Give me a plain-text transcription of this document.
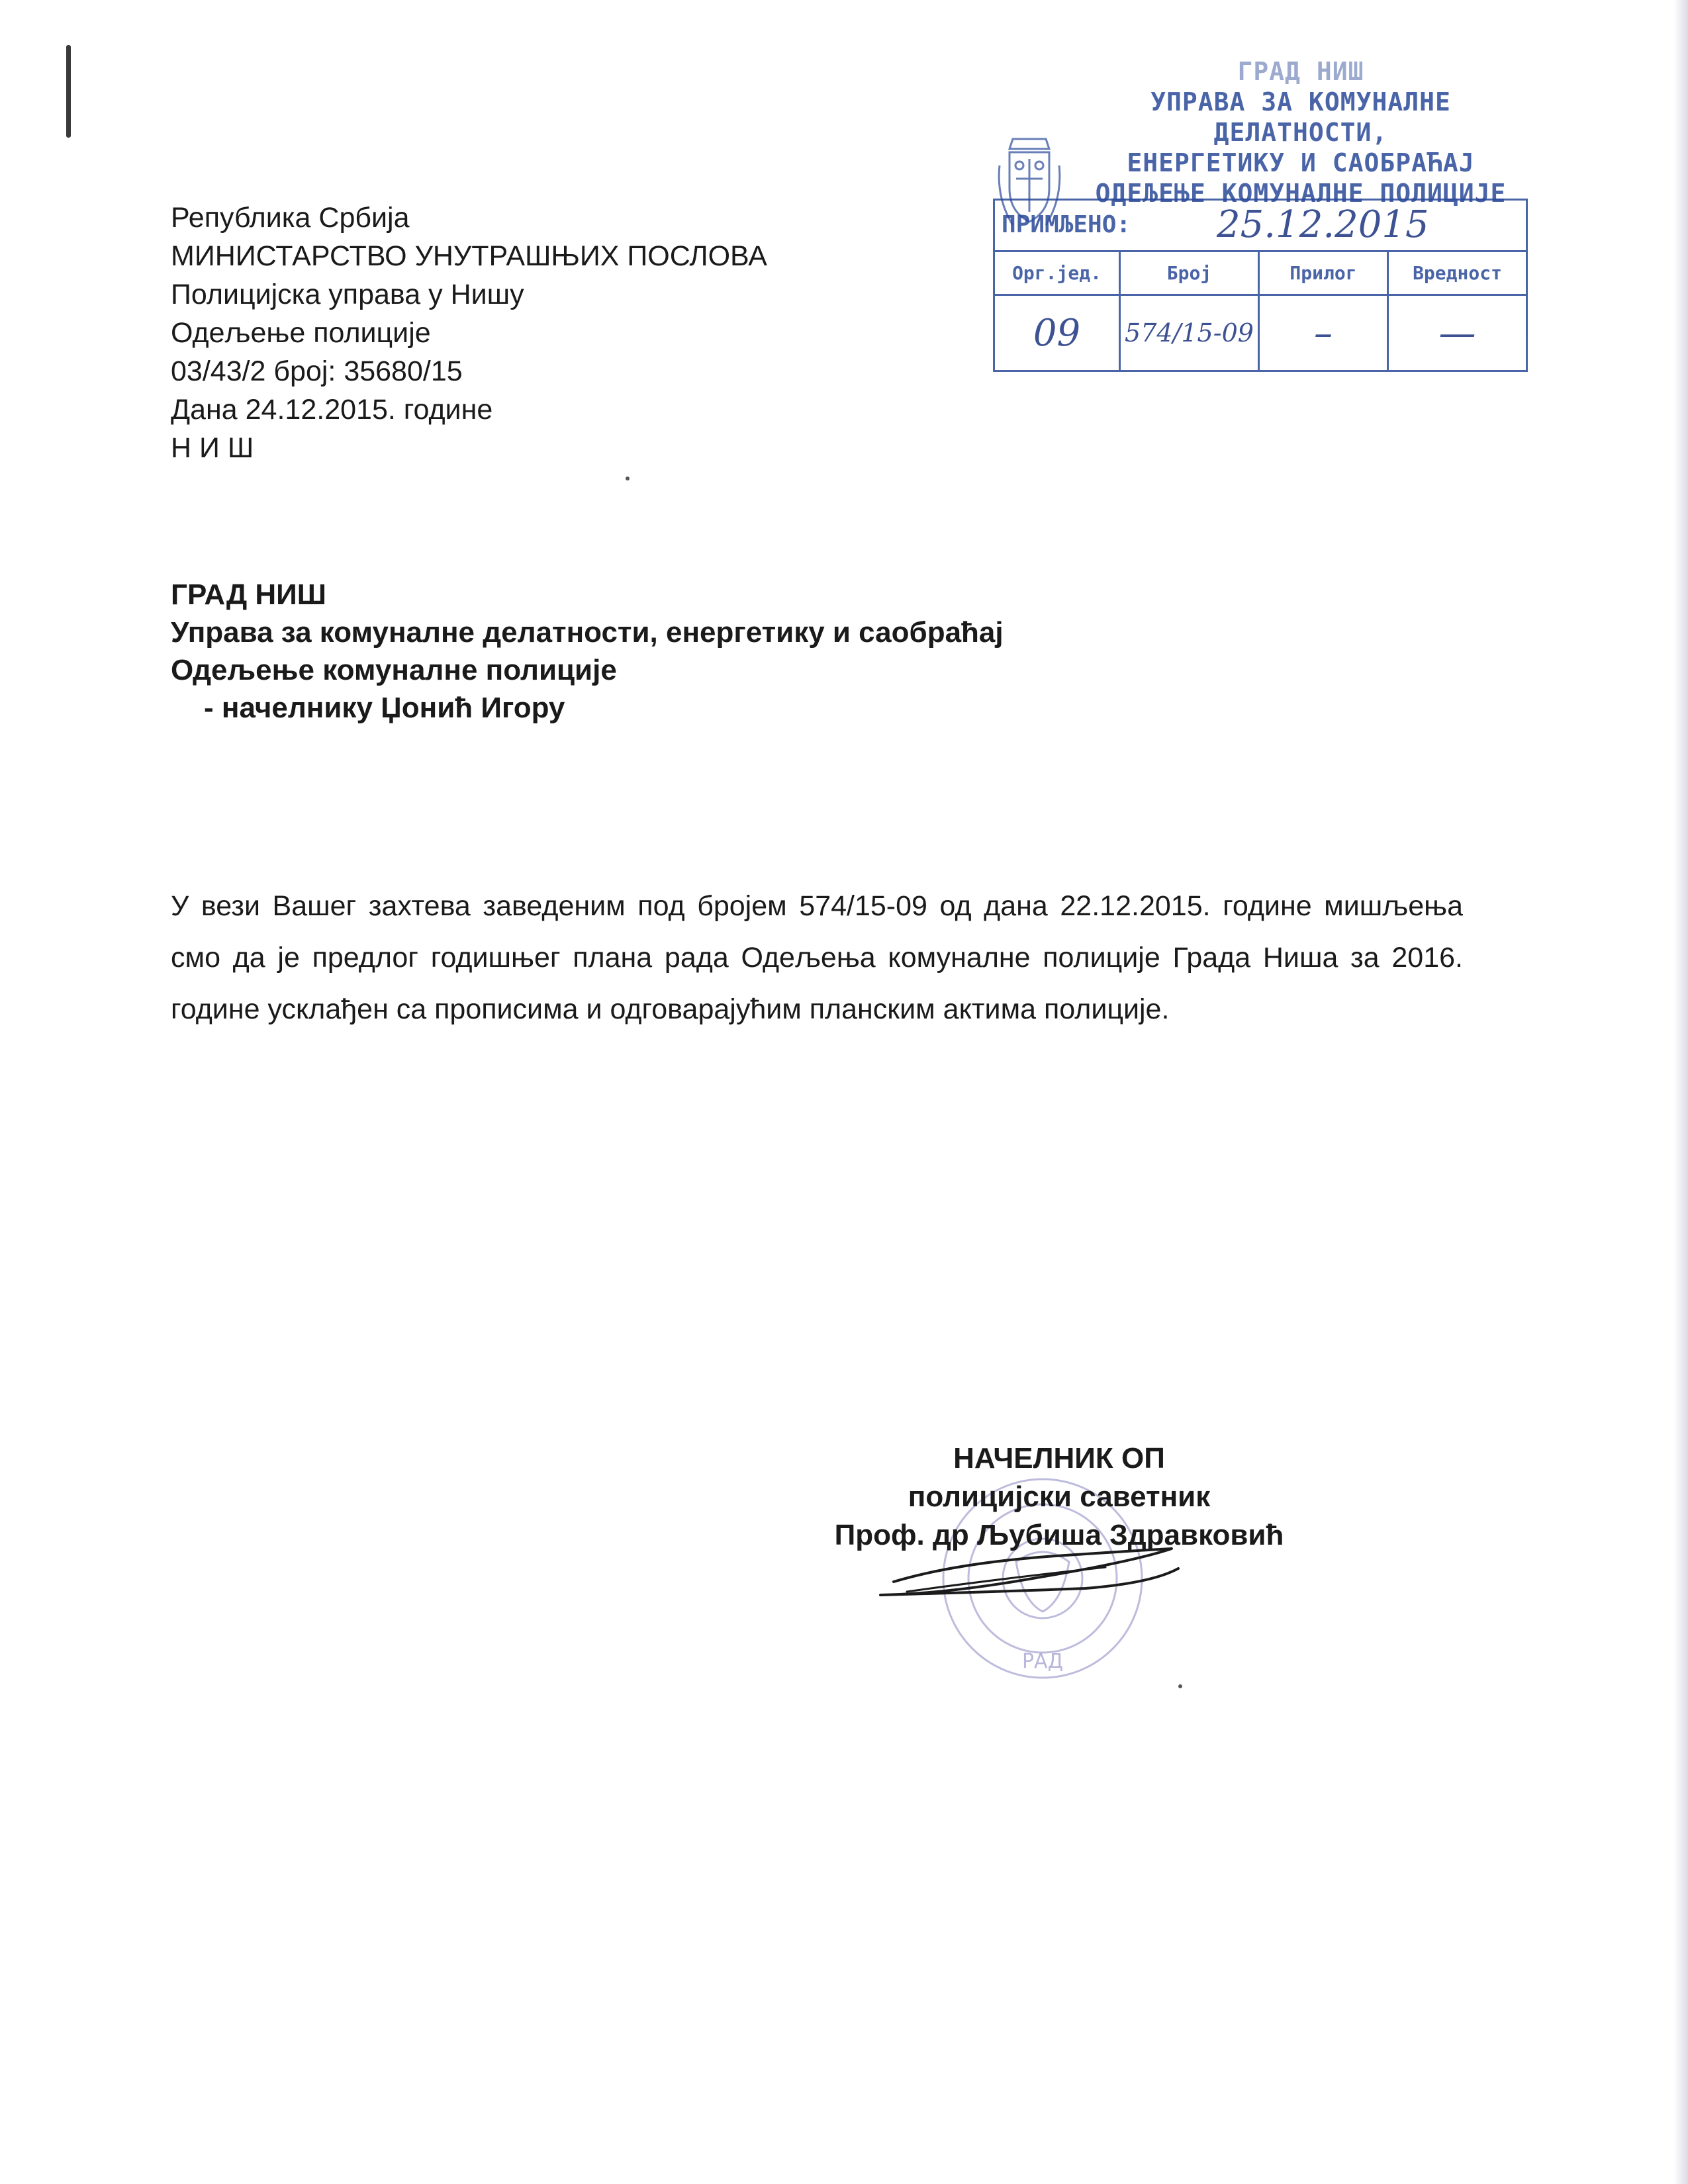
ГРАД НИШ
УПРАВА ЗА КОМУНАЛНЕ
ДЕЛАТНОСТИ,
ЕНЕРГЕТИКУ И САОБРАЋАЈ
ОДЕЉЕЊЕ КОМУНАЛНЕ ПОЛИЦИЈЕ
ПРИМЉЕНО: 25.12.2015
Орг.јед.	Број	Прилог	Вредност
09	574/15-09	–	—
Република Србија
МИНИСТАРСТВО УНУТРАШЊИХ ПОСЛОВА
Полицијска управа у Нишу
Одељење полиције
03/43/2 број: 35680/15
Дана 24.12.2015. године
Н И Ш
ГРАД НИШ
Управа за комуналне делатности, енергетику и саобраћај
Одељење комуналне полиције
- начелнику Џонић Игору
У вези Вашег захтева заведеним под бројем 574/15-09 од дана 22.12.2015. године мишљења смо да је предлог годишњег плана рада Одељења комуналне полиције Града Ниша за 2016. године усклађен са прописима и одговарајућим планским актима полиције.
РАД
НАЧЕЛНИК ОП
полицијски саветник
Проф. др Љубиша Здравковић
